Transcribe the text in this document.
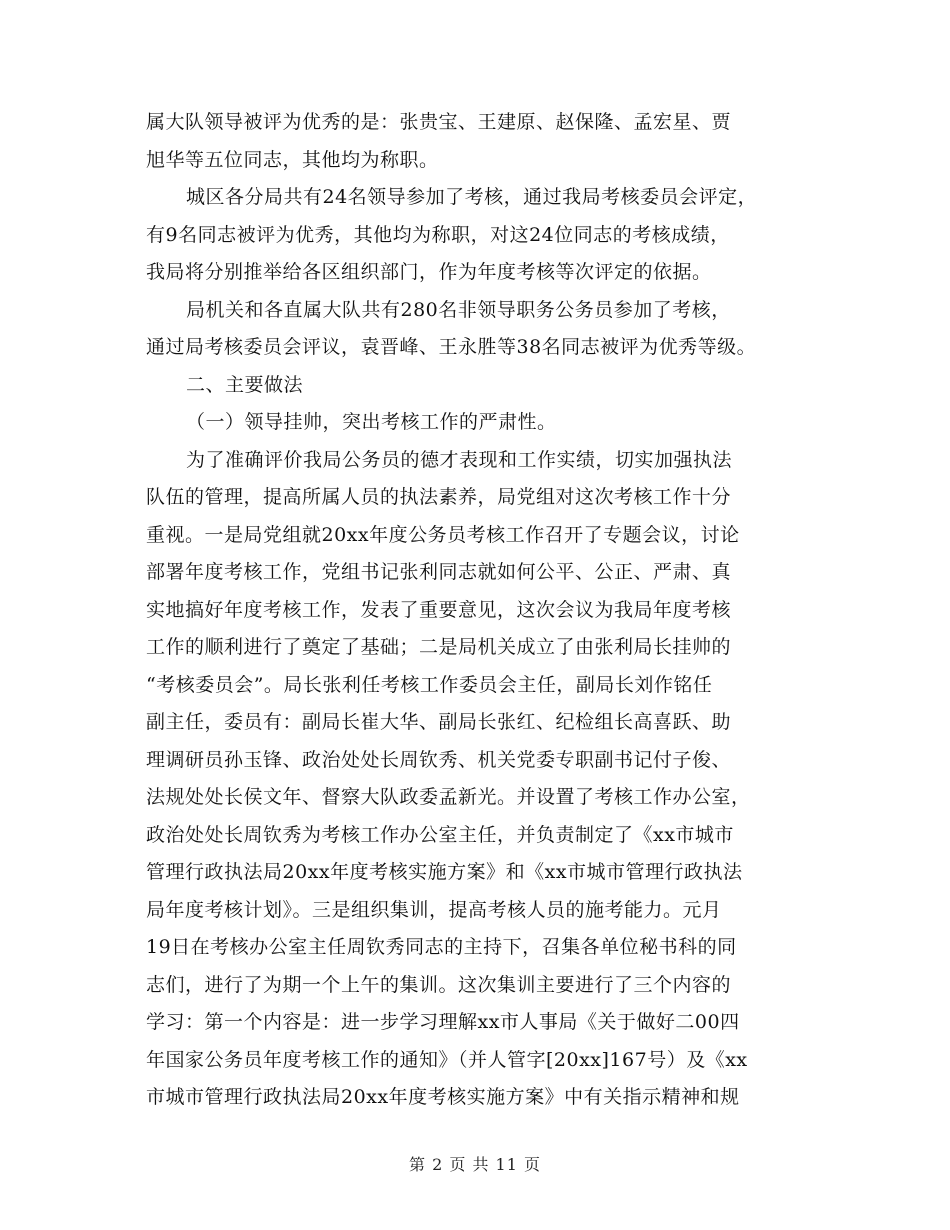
属大队领导被评为优秀的是：张贵宝、王建原、赵保隆、孟宏星、贾
旭华等五位同志，其他均为称职。
城区各分局共有24名领导参加了考核，通过我局考核委员会评定，
有9名同志被评为优秀，其他均为称职，对这24位同志的考核成绩，
我局将分别推举给各区组织部门，作为年度考核等次评定的依据。
局机关和各直属大队共有280名非领导职务公务员参加了考核，
通过局考核委员会评议，袁晋峰、王永胜等38名同志被评为优秀等级。
二、主要做法
（一）领导挂帅，突出考核工作的严肃性。
为了准确评价我局公务员的德才表现和工作实绩，切实加强执法
队伍的管理，提高所属人员的执法素养，局党组对这次考核工作十分
重视。一是局党组就20xx年度公务员考核工作召开了专题会议，讨论
部署年度考核工作，党组书记张利同志就如何公平、公正、严肃、真
实地搞好年度考核工作，发表了重要意见，这次会议为我局年度考核
工作的顺利进行了奠定了基础；二是局机关成立了由张利局长挂帅的
“考核委员会”。局长张利任考核工作委员会主任，副局长刘作铭任
副主任，委员有：副局长崔大华、副局长张红、纪检组长高喜跃、助
理调研员孙玉锋、政治处处长周钦秀、机关党委专职副书记付子俊、
法规处处长侯文年、督察大队政委孟新光。并设置了考核工作办公室，
政治处处长周钦秀为考核工作办公室主任，并负责制定了《xx市城市
管理行政执法局20xx年度考核实施方案》和《xx市城市管理行政执法
局年度考核计划》。三是组织集训，提高考核人员的施考能力。元月
19日在考核办公室主任周钦秀同志的主持下，召集各单位秘书科的同
志们，进行了为期一个上午的集训。这次集训主要进行了三个内容的
学习：第一个内容是：进一步学习理解xx市人事局《关于做好二00四
年国家公务员年度考核工作的通知》（并人管字[20xx]167号）及《xx
市城市管理行政执法局20xx年度考核实施方案》中有关指示精神和规
第 2 页 共 11 页
